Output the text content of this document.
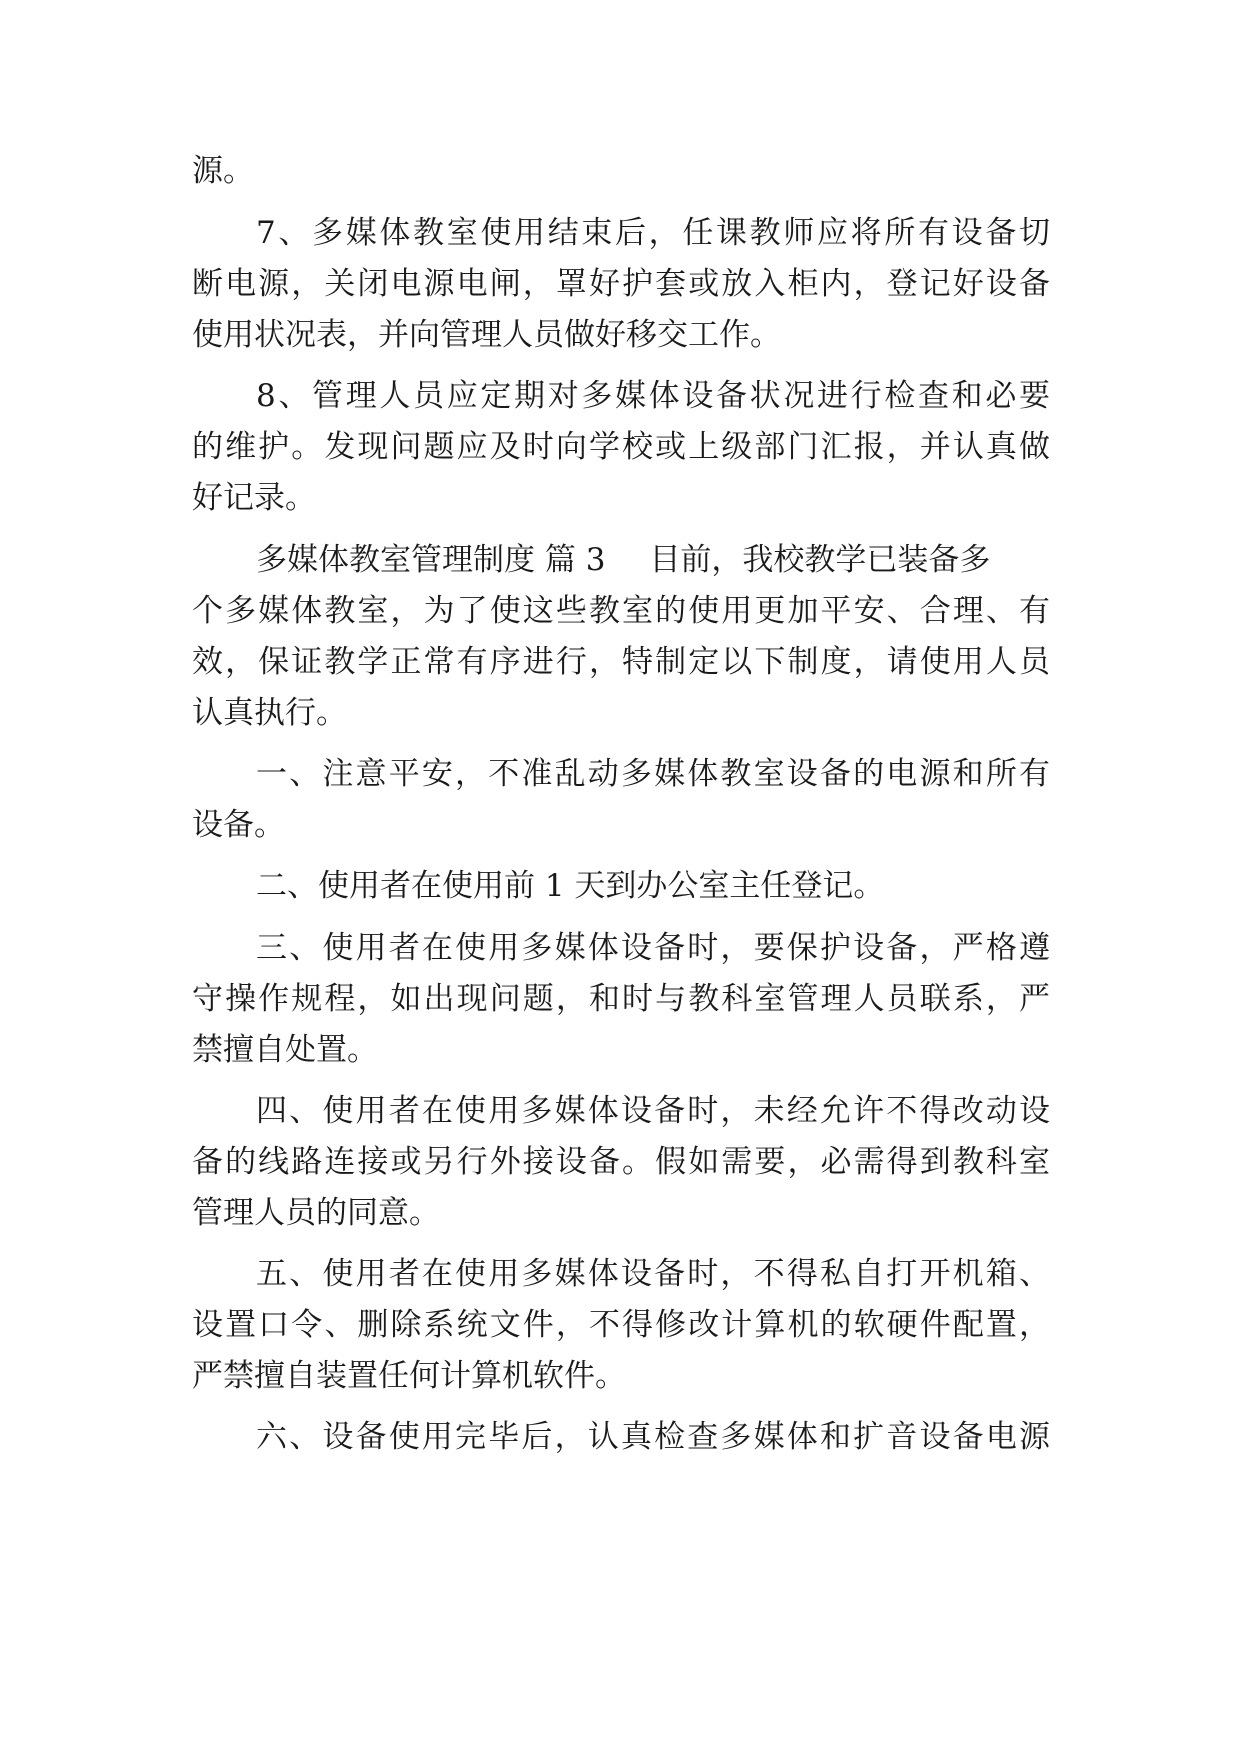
源。
7、多媒体教室使用结束后，任课教师应将所有设备切
断电源，关闭电源电闸，罩好护套或放入柜内，登记好设备
使用状况表，并向管理人员做好移交工作。
8、管理人员应定期对多媒体设备状况进行检查和必要
的维护。发现问题应及时向学校或上级部门汇报，并认真做
好记录。
多媒体教室管理制度 篇 3 目前，我校教学已装备多
个多媒体教室，为了使这些教室的使用更加平安、合理、有
效，保证教学正常有序进行，特制定以下制度，请使用人员
认真执行。
一、注意平安，不准乱动多媒体教室设备的电源和所有
设备。
二、使用者在使用前 1 天到办公室主任登记。
三、使用者在使用多媒体设备时，要保护设备，严格遵
守操作规程，如出现问题，和时与教科室管理人员联系，严
禁擅自处置。
四、使用者在使用多媒体设备时，未经允许不得改动设
备的线路连接或另行外接设备。假如需要，必需得到教科室
管理人员的同意。
五、使用者在使用多媒体设备时，不得私自打开机箱、
设置口令、删除系统文件，不得修改计算机的软硬件配置，
严禁擅自装置任何计算机软件。
六、设备使用完毕后，认真检查多媒体和扩音设备电源
